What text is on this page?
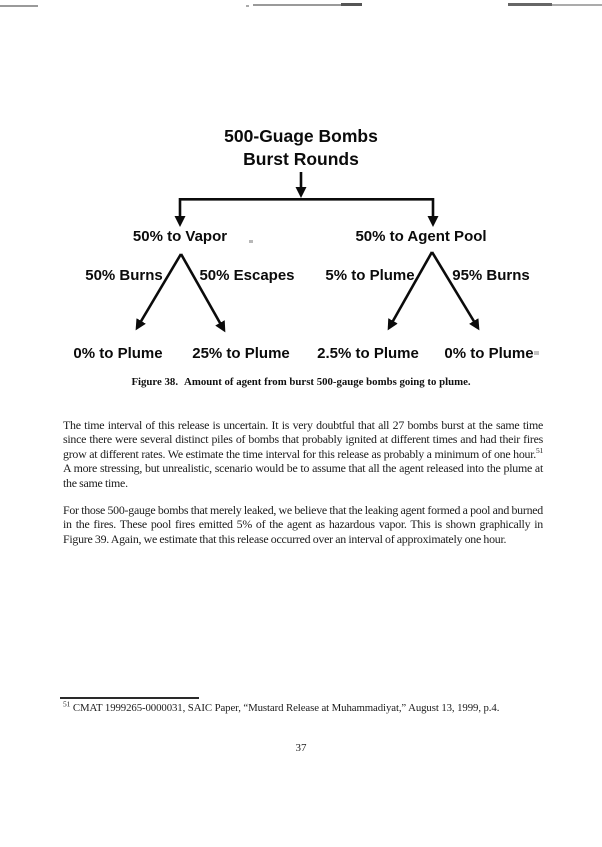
500-Guage Bombs
Burst Rounds
50% to Vapor	50% to Agent Pool
50% Burns 50% Escapes 5% to Plume	95% Burns
0% to Plume 25% to Plume 2.5% to Plume 0% to Plume
Figure 38. Amount of agent from burst 500-gauge bombs going to plume.

The time interval of this release is uncertain. It is very doubtful that all 27 bombs burst at the same time since there were several distinct piles of bombs that probably ignited at different times and had their fires grow at different rates. We estimate the time interval for this release as probably a minimum of one hour.$^{51}$ A more stressing, but unrealistic, scenario would be to assume that all the agent released into the plume at the same time.

For those 500-gauge bombs that merely leaked, we believe that the leaking agent formed a pool and burned in the fires. These pool fires emitted 5% of the agent as hazardous vapor. This is shown graphically in Figure 39. Again, we estimate that this release occurred over an interval of approximately one hour.

$^{51}$ CMAT 1999265-0000031, SAIC Paper, “Mustard Release at Muhammadiyat,” August 13, 1999, p.4.

37
